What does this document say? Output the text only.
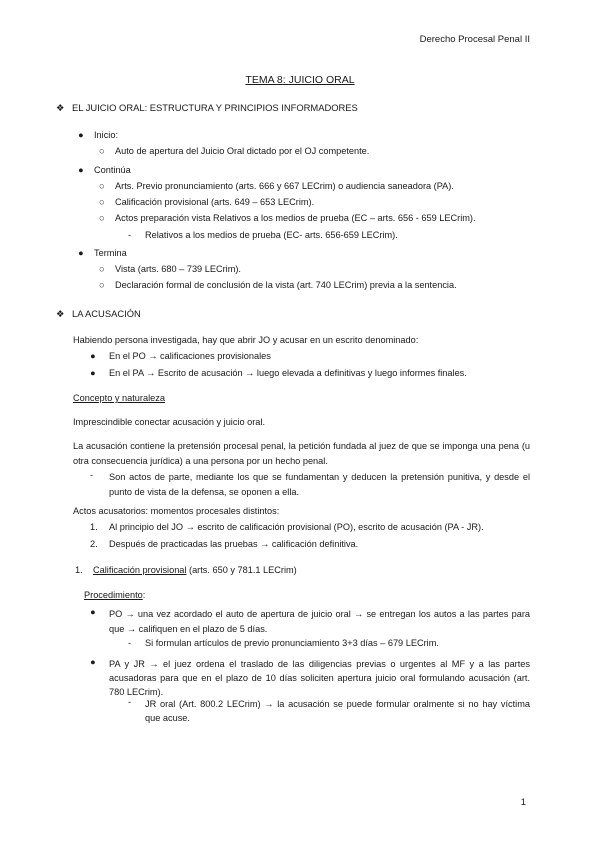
Derecho Procesal Penal II
TEMA 8: JUICIO ORAL
❖ EL JUICIO ORAL: ESTRUCTURA Y PRINCIPIOS INFORMADORES
● Inicio:
○ Auto de apertura del Juicio Oral dictado por el OJ competente.
● Continúa
○ Arts. Previo pronunciamiento (arts. 666 y 667 LECrim) o audiencia saneadora (PA).
○ Calificación provisional (arts. 649 – 653 LECrim).
○ Actos preparación vista Relativos a los medios de prueba (EC – arts. 656 - 659 LECrim).
- Relativos a los medios de prueba (EC- arts. 656-659 LECrim).
● Termina
○ Vista (arts. 680 – 739 LECrim).
○ Declaración formal de conclusión de la vista (art. 740 LECrim) previa a la sentencia.
❖ LA ACUSACIÓN
Habiendo persona investigada, hay que abrir JO y acusar en un escrito denominado:
● En el PO → calificaciones provisionales
● En el PA → Escrito de acusación → luego elevada a definitivas y luego informes finales.
Concepto y naturaleza
Imprescindible conectar acusación y juicio oral.
La acusación contiene la pretensión procesal penal, la petición fundada al juez de que se imponga una pena (u otra consecuencia jurídica) a una persona por un hecho penal.
- Son actos de parte, mediante los que se fundamentan y deducen la pretensión punitiva, y desde el punto de vista de la defensa, se oponen a ella.
Actos acusatorios: momentos procesales distintos:
1. Al principio del JO → escrito de calificación provisional (PO), escrito de acusación (PA - JR).
2. Después de practicadas las pruebas → calificación definitiva.
1. Calificación provisional (arts. 650 y 781.1 LECrim)
Procedimiento:
● PO → una vez acordado el auto de apertura de juicio oral → se entregan los autos a las partes para que → califiquen en el plazo de 5 días.
- Si formulan artículos de previo pronunciamiento 3+3 días – 679 LECrim.
● PA y JR → el juez ordena el traslado de las diligencias previas o urgentes al MF y a las partes acusadoras para que en el plazo de 10 días soliciten apertura juicio oral formulando acusación (art. 780 LECrim).
- JR oral (Art. 800.2 LECrim) → la acusación se puede formular oralmente si no hay víctima que acuse.
1
